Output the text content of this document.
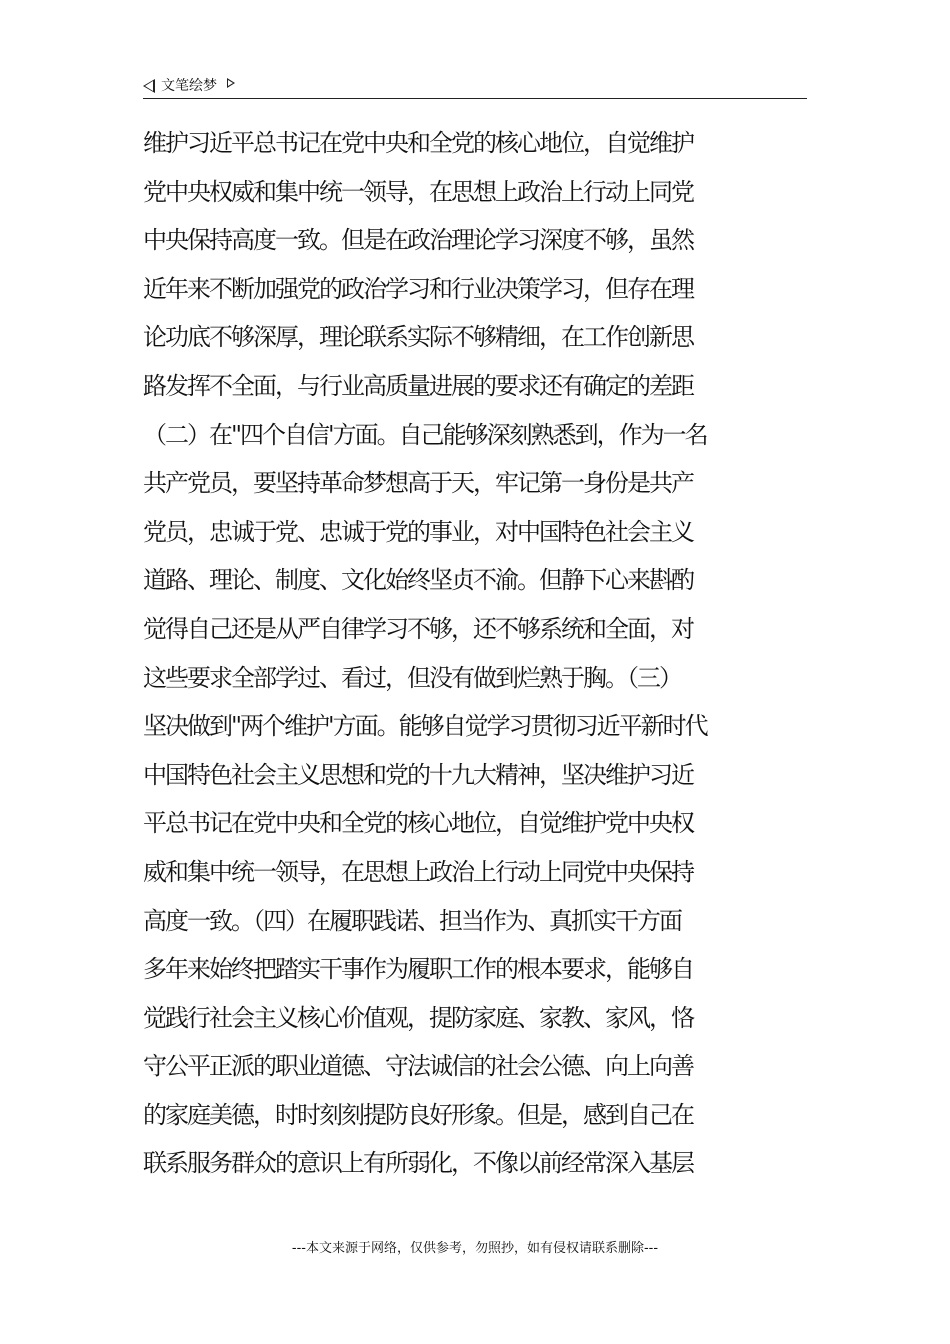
文笔绘梦
维护习近平总书记在党中央和全党的核心地位，自觉维护
党中央权威和集中统一领导，在思想上政治上行动上同党
中央保持高度一致。但是在政治理论学习深度不够，虽然
近年来不断加强党的政治学习和行业决策学习，但存在理
论功底不够深厚，理论联系实际不够精细，在工作创新思
路发挥不全面，与行业高质量进展的要求还有确定的差距
（二）在"四个自信'方面。自己能够深刻熟悉到，作为一名
共产党员，要坚持革命梦想高于天，牢记第一身份是共产
党员，忠诚于党、忠诚于党的事业，对中国特色社会主义
道路、理论、制度、文化始终坚贞不渝。但静下心来斟酌
觉得自己还是从严自律学习不够，还不够系统和全面，对
这些要求全部学过、看过，但没有做到烂熟于胸。（三）
坚决做到"两个维护'方面。能够自觉学习贯彻习近平新时代
中国特色社会主义思想和党的十九大精神，坚决维护习近
平总书记在党中央和全党的核心地位，自觉维护党中央权
威和集中统一领导，在思想上政治上行动上同党中央保持
高度一致。（四）在履职践诺、担当作为、真抓实干方面
多年来始终把踏实干事作为履职工作的根本要求，能够自
觉践行社会主义核心价值观，提防家庭、家教、家风，恪
守公平正派的职业道德、守法诚信的社会公德、向上向善
的家庭美德，时时刻刻提防良好形象。但是，感到自己在
联系服务群众的意识上有所弱化，不像以前经常深入基层
---本文来源于网络，仅供参考，勿照抄，如有侵权请联系删除---
